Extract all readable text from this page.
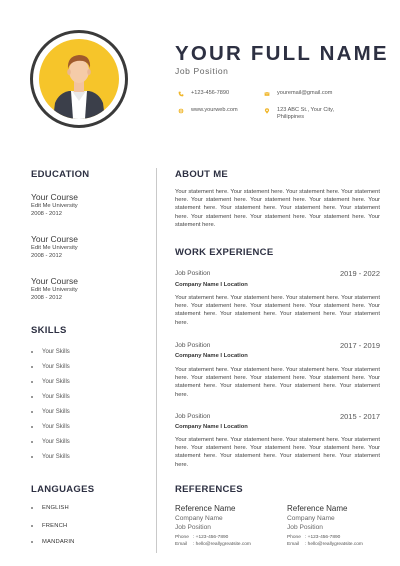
YOUR FULL NAME
Job Position
+123-456-7890	youremail@gmail.com
www.yourweb.com	123 ABC St., Your City,
Philippines
EDUCATION
Your Course
Edit Me University
2008 - 2012
Your Course
Edit Me University
2008 - 2012
Your Course
Edit Me University
2008 - 2012
SKILLS
Your Skills
Your Skills
Your Skills
Your Skills
Your Skills
Your Skills
Your Skills
Your Skills
LANGUAGES
ENGLISH
FRENCH
MANDARIN
ABOUT ME
Your statement here. Your statement here. Your statement here. Your statement here. Your statement here. Your statement here. Your statement here. Your statement here. Your statement here. Your statement here. Your statement here. Your statement here. Your statement here. Your statement here. Your statement here.
WORK EXPERIENCE
Job Position	2019 - 2022
Company Name I Location
Your statement here. Your statement here. Your statement here. Your statement here. Your statement here. Your statement here. Your statement here. Your statement here. Your statement here. Your statement here. Your statement here.
Job Position	2017 - 2019
Company Name I Location
Your statement here. Your statement here. Your statement here. Your statement here. Your statement here. Your statement here. Your statement here. Your statement here. Your statement here. Your statement here. Your statement here.
Job Position	2015 - 2017
Company Name I Location
Your statement here. Your statement here. Your statement here. Your statement here. Your statement here. Your statement here. Your statement here. Your statement here. Your statement here. Your statement here. Your statement here.
REFERENCES
Reference Name
Company Name
Job Position
Phone : +123-456-7890
Email : hello@reallygreatsite.com
Reference Name
Company Name
Job Position
Phone : +123-456-7890
Email : hello@reallygreatsite.com
